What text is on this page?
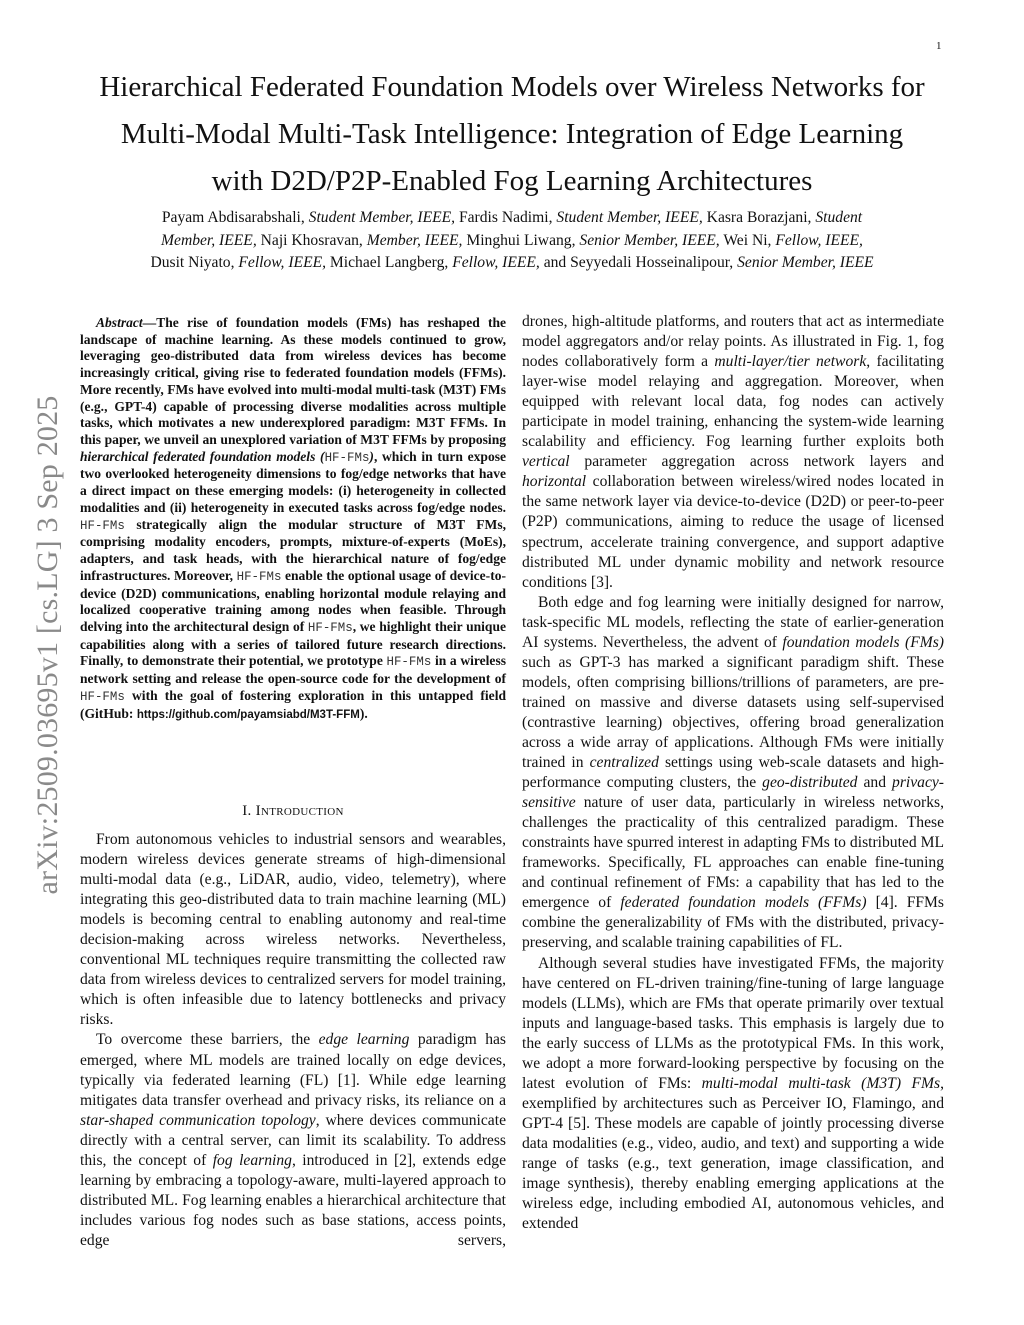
1
Hierarchical Federated Foundation Models over Wireless Networks for
Multi-Modal Multi-Task Intelligence: Integration of Edge Learning
with D2D/P2P-Enabled Fog Learning Architectures
Payam Abdisarabshali, Student Member, IEEE, Fardis Nadimi, Student Member, IEEE, Kasra Borazjani, Student
Member, IEEE, Naji Khosravan, Member, IEEE, Minghui Liwang, Senior Member, IEEE, Wei Ni, Fellow, IEEE,
Dusit Niyato, Fellow, IEEE, Michael Langberg, Fellow, IEEE, and Seyyedali Hosseinalipour, Senior Member, IEEE
arXiv:2509.03695v1 [cs.LG] 3 Sep 2025

Abstract—The rise of foundation models (FMs) has reshaped the landscape of machine learning. As these models continued to grow, leveraging geo-distributed data from wireless devices has become increasingly critical, giving rise to federated foundation models (FFMs). More recently, FMs have evolved into multi-modal multi-task (M3T) FMs (e.g., GPT-4) capable of processing diverse modalities across multiple tasks, which motivates a new underexplored paradigm: M3T FFMs. In this paper, we unveil an unexplored variation of M3T FFMs by proposing hierarchical federated foundation models (HF-FMs), which in turn expose two overlooked heterogeneity dimensions to fog/edge networks that have a direct impact on these emerging models: (i) heterogeneity in collected modalities and (ii) heterogeneity in executed tasks across fog/edge nodes. HF-FMs strategically align the modular structure of M3T FMs, comprising modality encoders, prompts, mixture-of-experts (MoEs), adapters, and task heads, with the hierarchical nature of fog/edge infrastructures. Moreover, HF-FMs enable the optional usage of device-to-device (D2D) communications, enabling horizontal module relaying and localized cooperative training among nodes when feasible. Through delving into the architectural design of HF-FMs, we highlight their unique capabilities along with a series of tailored future research directions. Finally, to demonstrate their potential, we prototype HF-FMs in a wireless network setting and release the open-source code for the development of HF-FMs with the goal of fostering exploration in this untapped field (GitHub: https://github.com/payamsiabd/M3T-FFM).

I. Introduction

From autonomous vehicles to industrial sensors and wearables, modern wireless devices generate streams of high-dimensional multi-modal data (e.g., LiDAR, audio, video, telemetry), where integrating this geo-distributed data to train machine learning (ML) models is becoming central to enabling autonomy and real-time decision-making across wireless networks. Nevertheless, conventional ML techniques require transmitting the collected raw data from wireless devices to centralized servers for model training, which is often infeasible due to latency bottlenecks and privacy risks.

To overcome these barriers, the edge learning paradigm has emerged, where ML models are trained locally on edge devices, typically via federated learning (FL) [1]. While edge learning mitigates data transfer overhead and privacy risks, its reliance on a star-shaped communication topology, where devices communicate directly with a central server, can limit its scalability. To address this, the concept of fog learning, introduced in [2], extends edge learning by embracing a topology-aware, multi-layered approach to distributed ML. Fog learning enables a hierarchical architecture that includes various fog nodes such as base stations, access points, edge servers,

drones, high-altitude platforms, and routers that act as intermediate model aggregators and/or relay points. As illustrated in Fig. 1, fog nodes collaboratively form a multi-layer/tier network, facilitating layer-wise model relaying and aggregation. Moreover, when equipped with relevant local data, fog nodes can actively participate in model training, enhancing the system-wide learning scalability and efficiency. Fog learning further exploits both vertical parameter aggregation across network layers and horizontal collaboration between wireless/wired nodes located in the same network layer via device-to-device (D2D) or peer-to-peer (P2P) communications, aiming to reduce the usage of licensed spectrum, accelerate training convergence, and support adaptive distributed ML under dynamic mobility and network resource conditions [3].

Both edge and fog learning were initially designed for narrow, task-specific ML models, reflecting the state of earlier-generation AI systems. Nevertheless, the advent of foundation models (FMs) such as GPT-3 has marked a significant paradigm shift. These models, often comprising billions/trillions of parameters, are pre-trained on massive and diverse datasets using self-supervised (contrastive learning) objectives, offering broad generalization across a wide array of applications. Although FMs were initially trained in centralized settings using web-scale datasets and high-performance computing clusters, the geo-distributed and privacy-sensitive nature of user data, particularly in wireless networks, challenges the practicality of this centralized paradigm. These constraints have spurred interest in adapting FMs to distributed ML frameworks. Specifically, FL approaches can enable fine-tuning and continual refinement of FMs: a capability that has led to the emergence of federated foundation models (FFMs) [4]. FFMs combine the generalizability of FMs with the distributed, privacy-preserving, and scalable training capabilities of FL.

Although several studies have investigated FFMs, the majority have centered on FL-driven training/fine-tuning of large language models (LLMs), which are FMs that operate primarily over textual inputs and language-based tasks. This emphasis is largely due to the early success of LLMs as the prototypical FMs. In this work, we adopt a more forward-looking perspective by focusing on the latest evolution of FMs: multi-modal multi-task (M3T) FMs, exemplified by architectures such as Perceiver IO, Flamingo, and GPT-4 [5]. These models are capable of jointly processing diverse data modalities (e.g., video, audio, and text) and supporting a wide range of tasks (e.g., text generation, image classification, and image synthesis), thereby enabling emerging applications at the wireless edge, including embodied AI, autonomous vehicles, and extended
